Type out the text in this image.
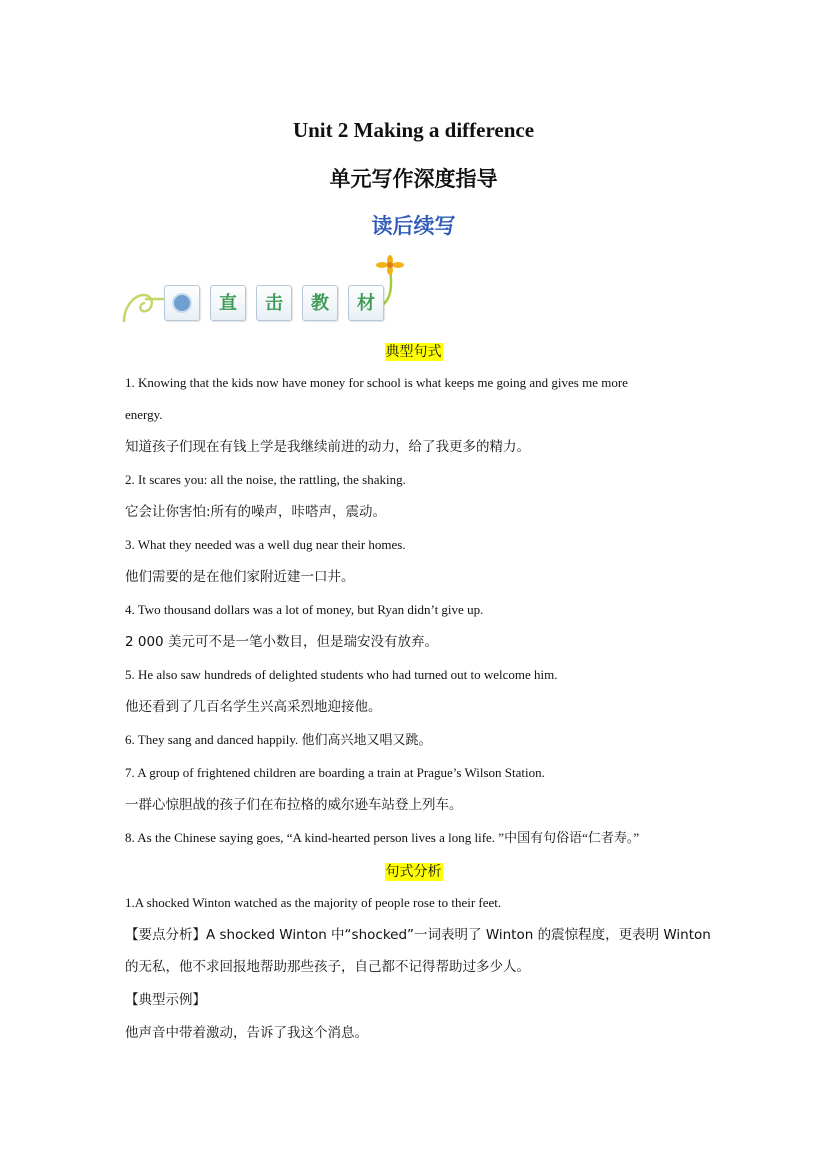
Unit 2 Making a difference
单元写作深度指导
读后续写
直	击	教	材
典型句式
1. Knowing that the kids now have money for school is what keeps me going and gives me more
energy.
知道孩子们现在有钱上学是我继续前进的动力，给了我更多的精力。
2. It scares you: all the noise, the rattling, the shaking.
它会让你害怕:所有的噪声，咔嗒声，震动。
3. What they needed was a well dug near their homes.
他们需要的是在他们家附近建一口井。
4. Two thousand dollars was a lot of money, but Ryan didn’t give up.
2 000 美元可不是一笔小数目，但是瑞安没有放弃。
5. He also saw hundreds of delighted students who had turned out to welcome him.
他还看到了几百名学生兴高采烈地迎接他。
6. They sang and danced happily. 他们高兴地又唱又跳。
7. A group of frightened children are boarding a train at Prague’s Wilson Station.
一群心惊胆战的孩子们在布拉格的威尔逊车站登上列车。
8. As the Chinese saying goes, “A kind-hearted person lives a long life. ”中国有句俗语“仁者寿。”
句式分析
1.A shocked Winton watched as the majority of people rose to their feet.
【要点分析】A shocked Winton 中“shocked”一词表明了 Winton 的震惊程度，更表明 Winton
的无私，他不求回报地帮助那些孩子，自己都不记得帮助过多少人。
【典型示例】
他声音中带着激动，告诉了我这个消息。
